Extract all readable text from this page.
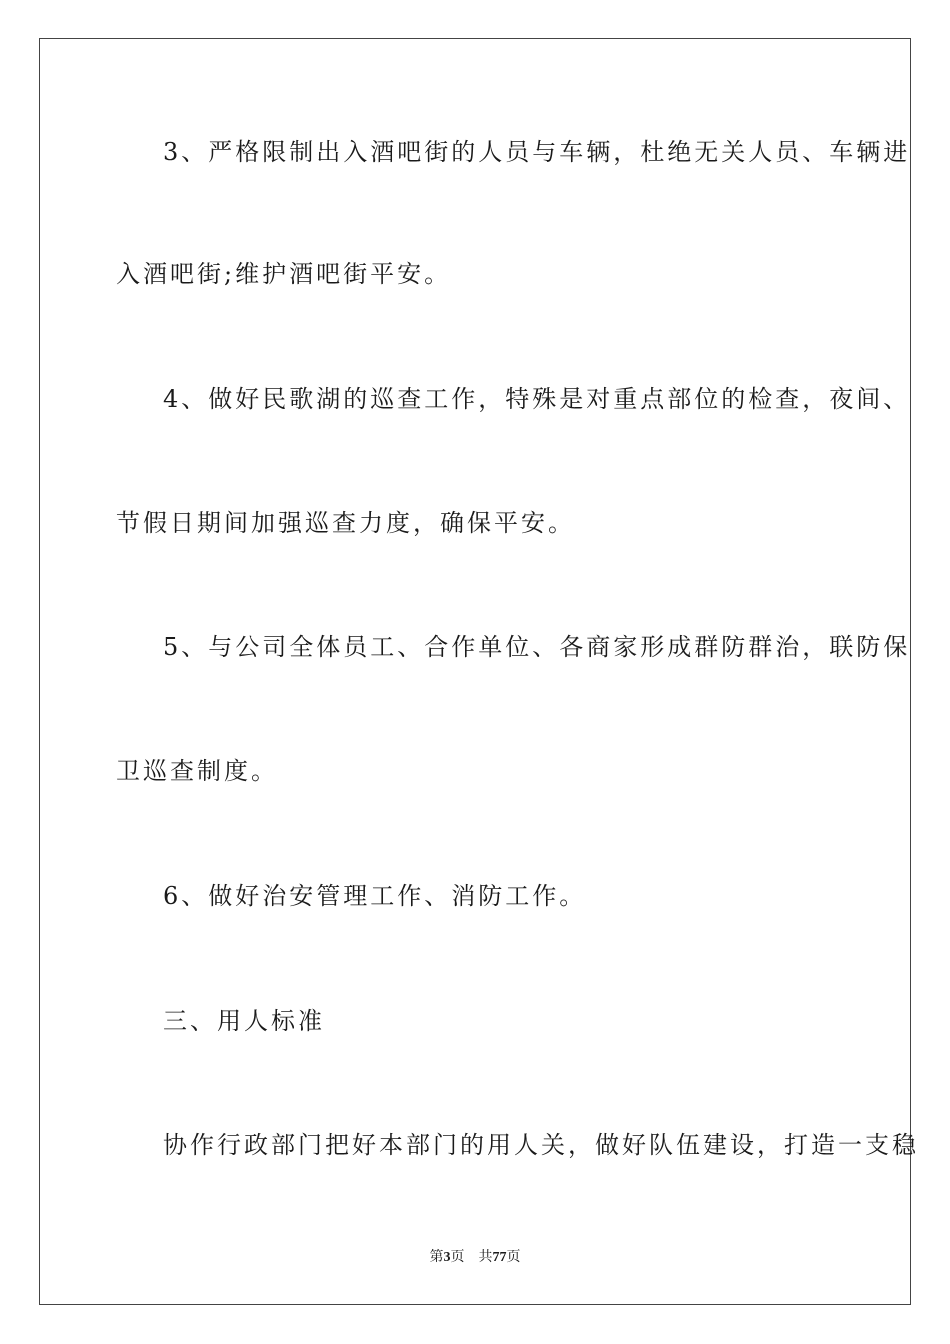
3、严格限制出入酒吧街的人员与车辆，杜绝无关人员、车辆进
入酒吧街;维护酒吧街平安。
4、做好民歌湖的巡查工作，特殊是对重点部位的检查，夜间、
节假日期间加强巡查力度，确保平安。
5、与公司全体员工、合作单位、各商家形成群防群治，联防保
卫巡查制度。
6、做好治安管理工作、消防工作。
三、用人标准
协作行政部门把好本部门的用人关，做好队伍建设，打造一支稳
第3页　共77页
